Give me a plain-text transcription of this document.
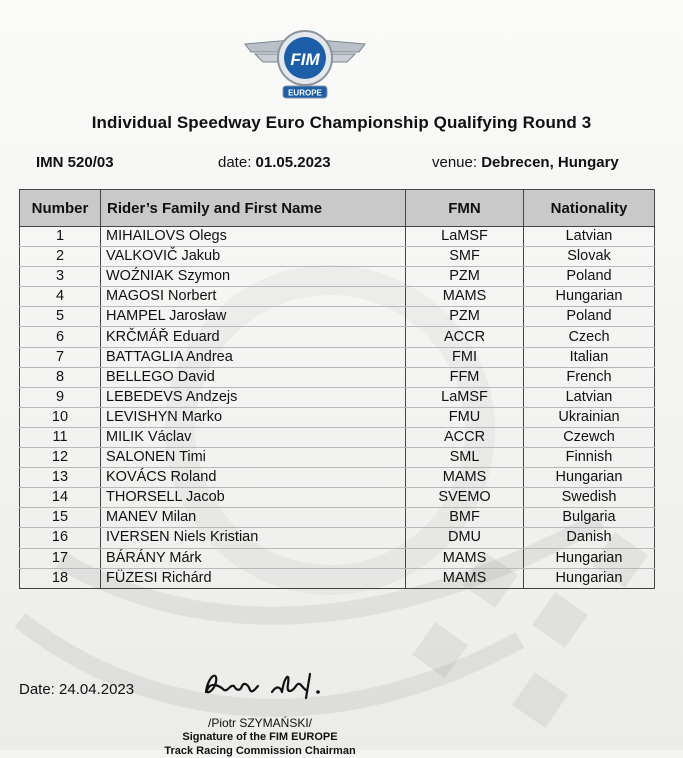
FIM
EUROPE
Individual Speedway Euro Championship Qualifying Round 3
IMN 520/03	date: 01.05.2023	venue: Debrecen, Hungary
Number	Rider’s Family and First Name	FMN	Nationality
1	MIHAILOVS Olegs	LaMSF	Latvian
2	VALKOVIČ Jakub	SMF	Slovak
3	WOŹNIAK Szymon	PZM	Poland
4	MAGOSI Norbert	MAMS	Hungarian
5	HAMPEL Jarosław	PZM	Poland
6	KRČMÁŘ Eduard	ACCR	Czech
7	BATTAGLIA Andrea	FMI	Italian
8	BELLEGO David	FFM	French
9	LEBEDEVS Andzejs	LaMSF	Latvian
10	LEVISHYN Marko	FMU	Ukrainian
11	MILIK Václav	ACCR	Czewch
12	SALONEN Timi	SML	Finnish
13	KOVÁCS Roland	MAMS	Hungarian
14	THORSELL Jacob	SVEMO	Swedish
15	MANEV Milan	BMF	Bulgaria
16	IVERSEN Niels Kristian	DMU	Danish
17	BÁRÁNY Márk	MAMS	Hungarian
18	FÜZESI Richárd	MAMS	Hungarian
Date: 24.04.2023
/Piotr SZYMAŃSKI/
Signature of the FIM EUROPE
Track Racing Commission Chairman
